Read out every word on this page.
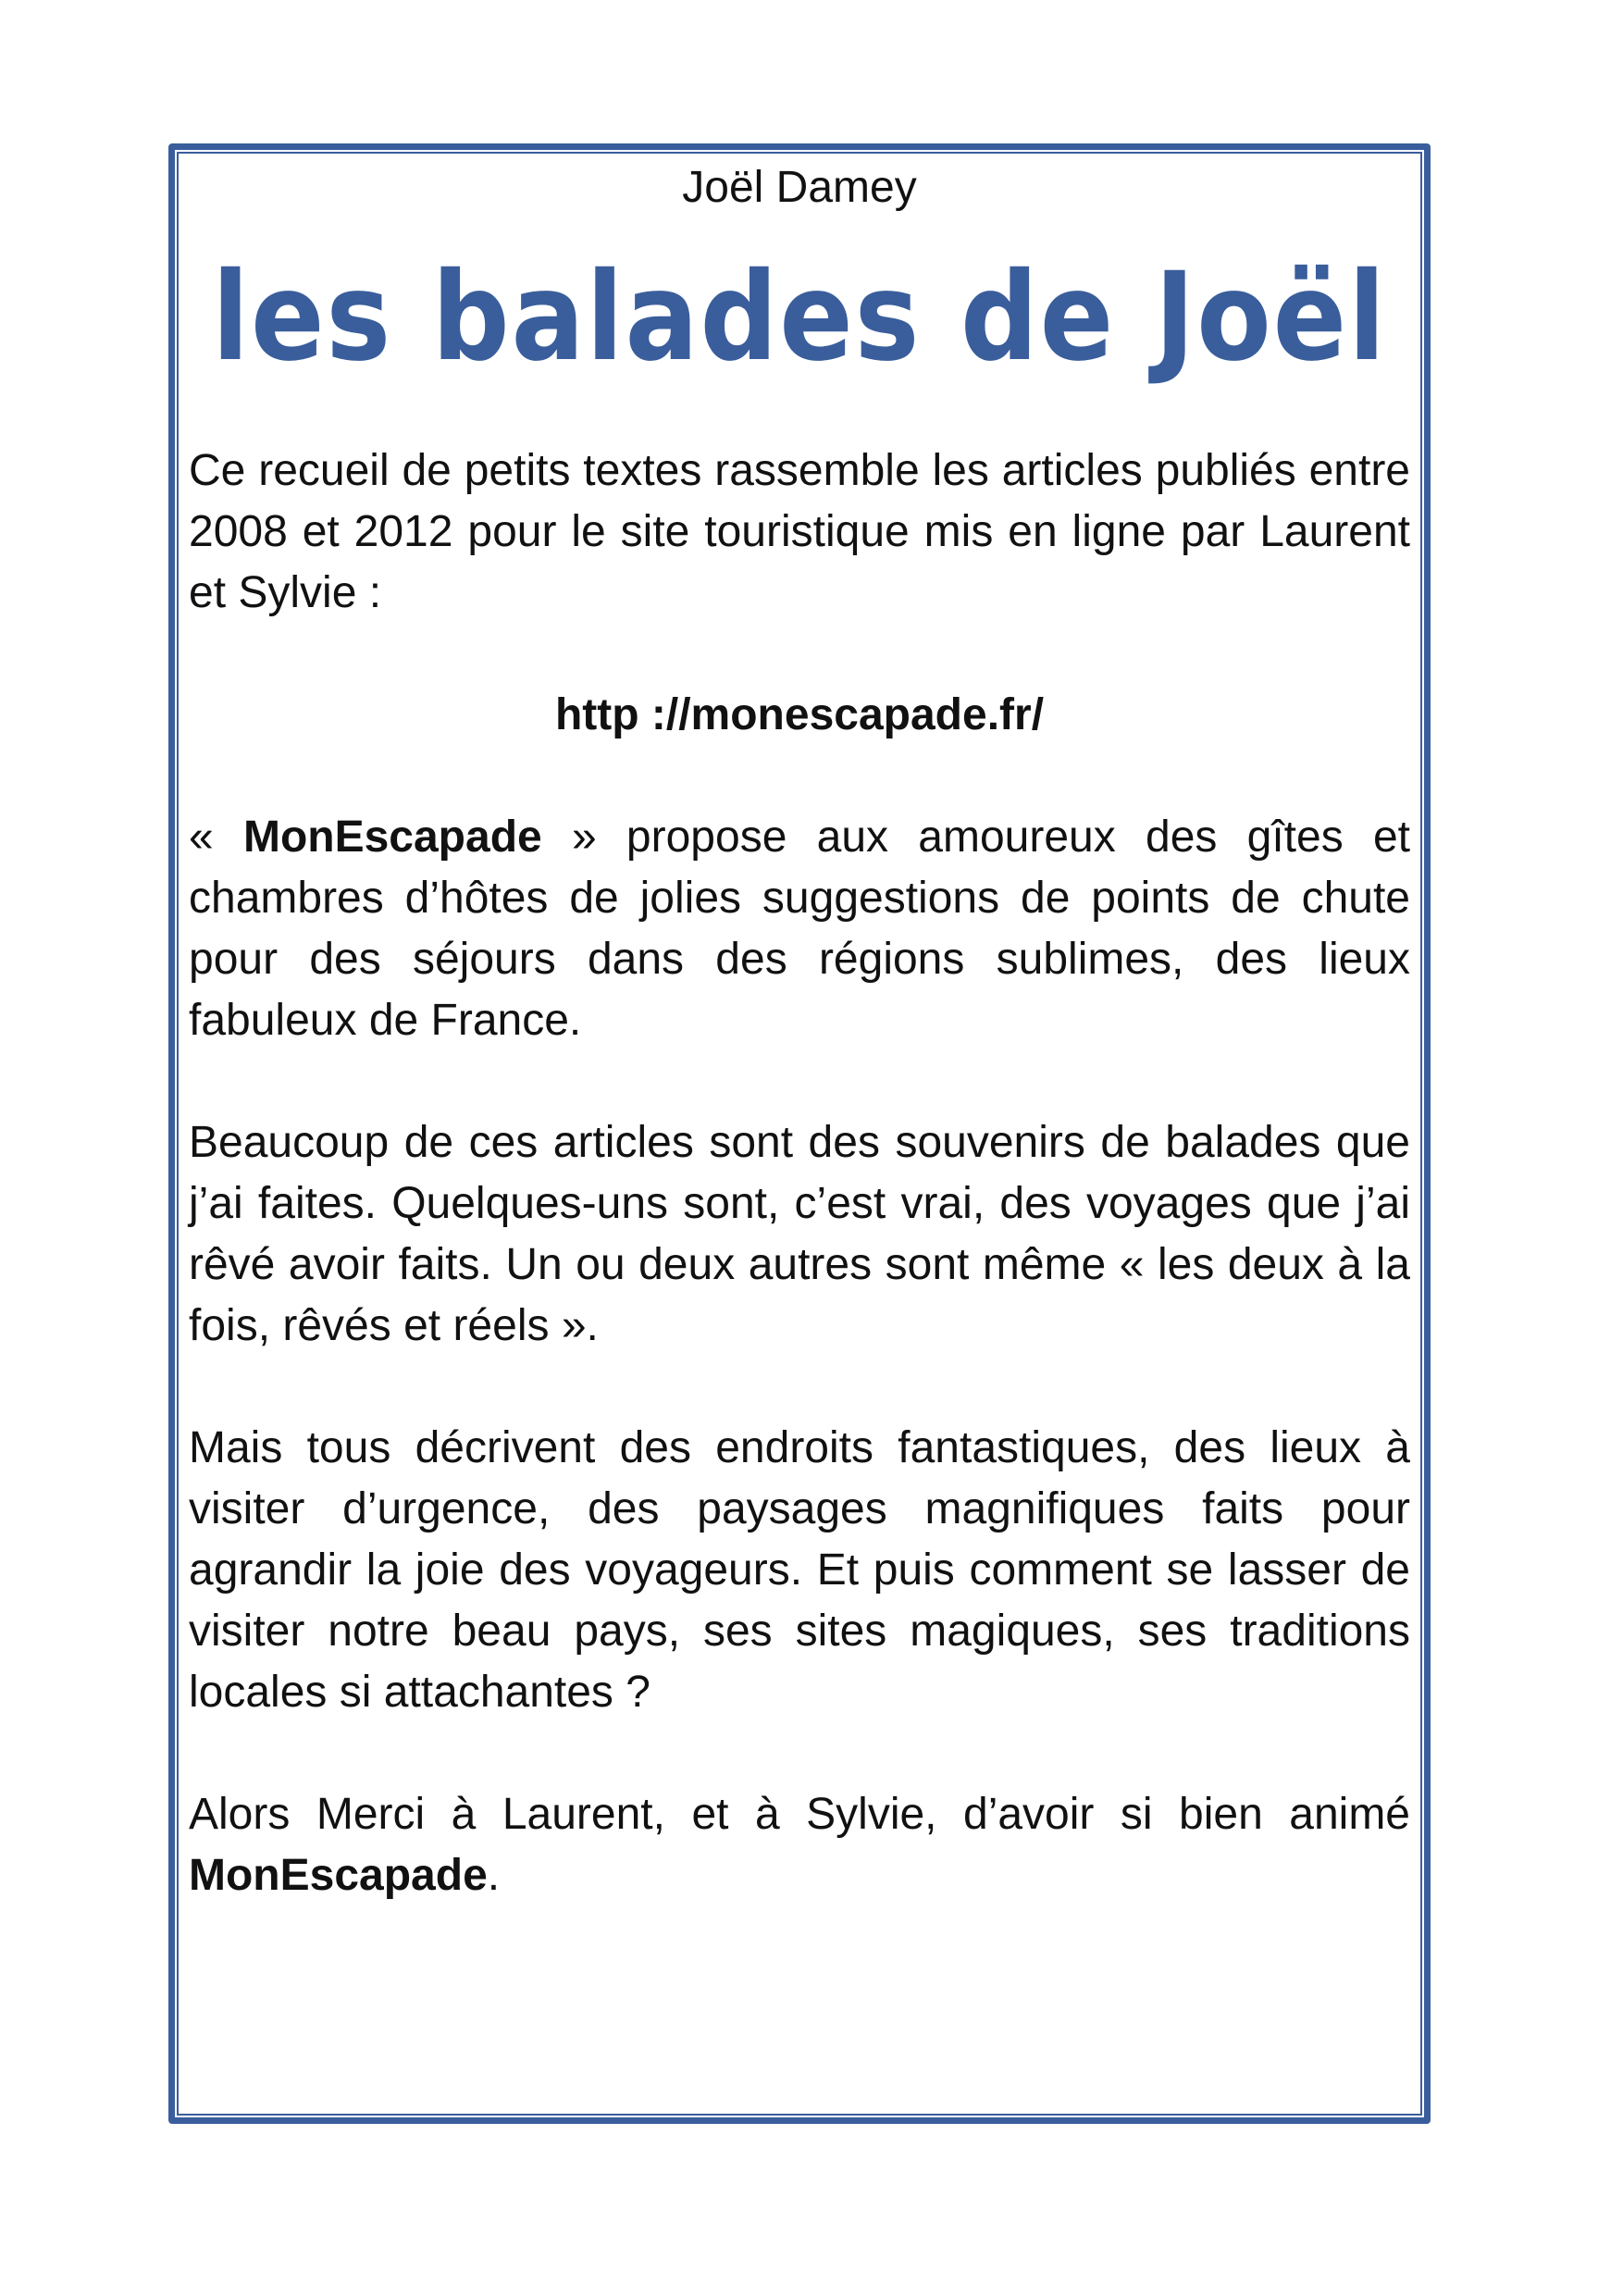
Joël Damey

les balades de Joël

Ce recueil de petits textes rassemble les articles publiés entre 2008 et 2012 pour le site touristique mis en ligne par Laurent et Sylvie :

http ://monescapade.fr/

« MonEscapade » propose aux amoureux des gîtes et chambres d’hôtes de jolies suggestions de points de chute pour des séjours dans des régions sublimes, des lieux fabuleux de France.

Beaucoup de ces articles sont des souvenirs de balades que j’ai faites. Quelques-uns sont, c’est vrai, des voyages que j’ai rêvé avoir faits. Un ou deux autres sont même « les deux à la fois, rêvés et réels ».

Mais tous décrivent des endroits fantastiques, des lieux à visiter d’urgence, des paysages magnifiques faits pour agrandir la joie des voyageurs. Et puis comment se lasser de visiter notre beau pays, ses sites magiques, ses traditions locales si attachantes ?

Alors Merci à Laurent, et à Sylvie, d’avoir si bien animé MonEscapade.
